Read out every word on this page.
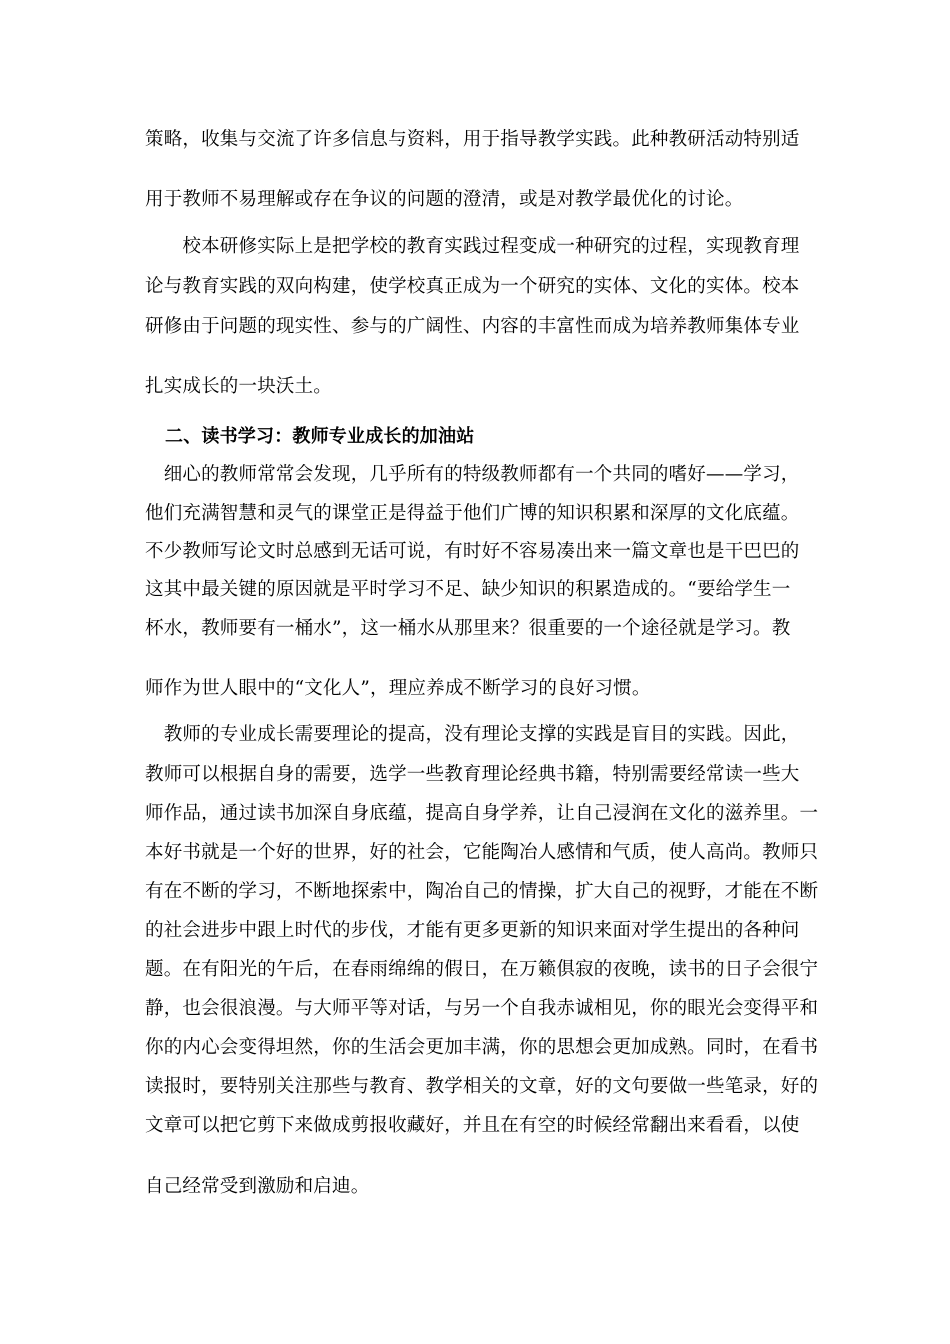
策略，收集与交流了许多信息与资料，用于指导教学实践。此种教研活动特别适
用于教师不易理解或存在争议的问题的澄清，或是对教学最优化的讨论。
　　校本研修实际上是把学校的教育实践过程变成一种研究的过程，实现教育理
论与教育实践的双向构建，使学校真正成为一个研究的实体、文化的实体。校本
研修由于问题的现实性、参与的广阔性、内容的丰富性而成为培养教师集体专业
扎实成长的一块沃土。
二、读书学习：教师专业成长的加油站
　细心的教师常常会发现，几乎所有的特级教师都有一个共同的嗜好——学习，
他们充满智慧和灵气的课堂正是得益于他们广博的知识积累和深厚的文化底蕴。
不少教师写论文时总感到无话可说，有时好不容易凑出来一篇文章也是干巴巴的
这其中最关键的原因就是平时学习不足、缺少知识的积累造成的。“要给学生一
杯水，教师要有一桶水”，这一桶水从那里来？很重要的一个途径就是学习。教
师作为世人眼中的“文化人”，理应养成不断学习的良好习惯。
　教师的专业成长需要理论的提高，没有理论支撑的实践是盲目的实践。因此，
教师可以根据自身的需要，选学一些教育理论经典书籍，特别需要经常读一些大
师作品，通过读书加深自身底蕴，提高自身学养，让自己浸润在文化的滋养里。一
本好书就是一个好的世界，好的社会，它能陶冶人感情和气质，使人高尚。教师只
有在不断的学习，不断地探索中，陶冶自己的情操，扩大自己的视野，才能在不断
的社会进步中跟上时代的步伐，才能有更多更新的知识来面对学生提出的各种问
题。在有阳光的午后，在春雨绵绵的假日，在万籁俱寂的夜晚，读书的日子会很宁
静，也会很浪漫。与大师平等对话，与另一个自我赤诚相见，你的眼光会变得平和
你的内心会变得坦然，你的生活会更加丰满，你的思想会更加成熟。同时，在看书
读报时，要特别关注那些与教育、教学相关的文章，好的文句要做一些笔录，好的
文章可以把它剪下来做成剪报收藏好，并且在有空的时候经常翻出来看看，以使
自己经常受到激励和启迪。
